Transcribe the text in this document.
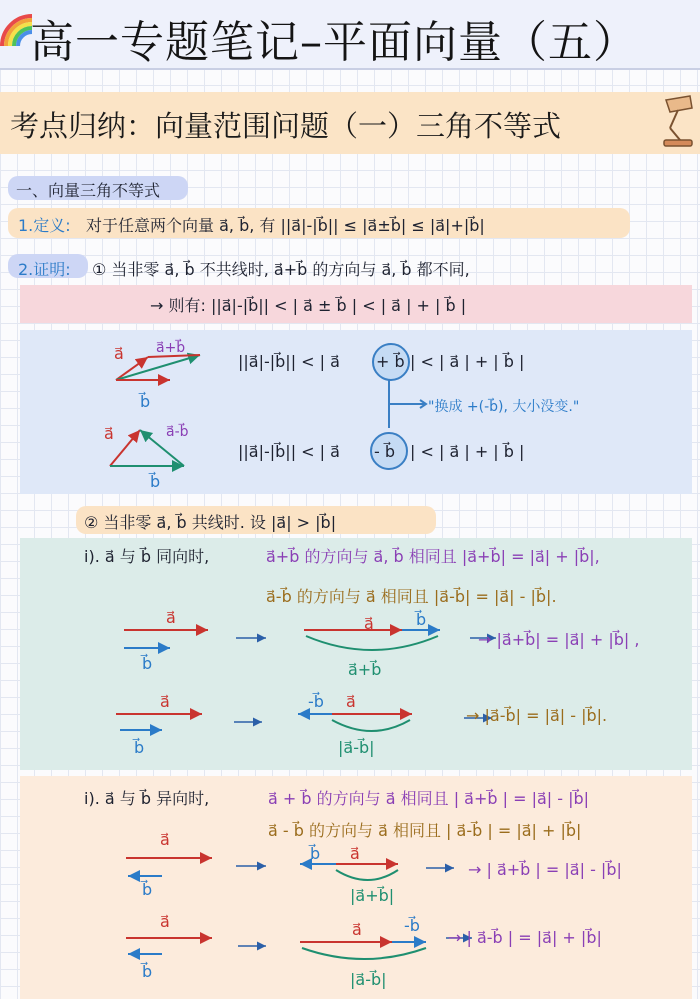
高一专题笔记–平面向量（五）
考点归纳：向量范围问题（一）三角不等式
一、向量三角不等式
1.定义: 对于任意两个向量 a⃗, b⃗, 有 ||a⃗|-|b⃗|| ≤ |a⃗±b⃗| ≤ |a⃗|+|b⃗|
2.证明: ① 当非零 a⃗, b⃗ 不共线时, a⃗+b⃗ 的方向与 a⃗, b⃗ 都不同,
→ 则有: ||a⃗|-|b⃗|| < | a⃗ ± b⃗ | < | a⃗ | + | b⃗ |
a⃗ a⃗+b⃗
b⃗
a⃗	a⃗-b⃗
b⃗
||a⃗|-|b⃗|| < | a⃗ + b⃗ | < | a⃗ | + | b⃗ |
"换成 +(-b⃗), 大小没变."
||a⃗|-|b⃗|| < | a⃗ - b⃗ | < | a⃗ | + | b⃗ |
② 当非零 a⃗, b⃗ 共线时. 设 |a⃗| > |b⃗|
i). a⃗ 与 b⃗ 同向时,	a⃗+b⃗ 的方向与 a⃗, b⃗ 相同且 |a⃗+b⃗| = |a⃗| + |b⃗|,
a⃗-b⃗ 的方向与 a⃗ 相同且 |a⃗-b⃗| = |a⃗| - |b⃗|.
a⃗
b⃗
a⃗	b⃗
a⃗+b⃗
→ |a⃗+b⃗| = |a⃗| + |b⃗| ,
a⃗
b⃗
-b⃗ a⃗
|a⃗-b⃗|
→ |a⃗-b⃗| = |a⃗| - |b⃗|.
i). a⃗ 与 b⃗ 异向时,	a⃗ + b⃗ 的方向与 a⃗ 相同且 | a⃗+b⃗ | = |a⃗| - |b⃗|
a⃗ - b⃗ 的方向与 a⃗ 相同且 | a⃗-b⃗ | = |a⃗| + |b⃗|
a⃗
b⃗
b⃗ a⃗
|a⃗+b⃗|
→ | a⃗+b⃗ | = |a⃗| - |b⃗|
a⃗
b⃗
a⃗	-b⃗
|a⃗-b⃗|
→ | a⃗-b⃗ | = |a⃗| + |b⃗|
